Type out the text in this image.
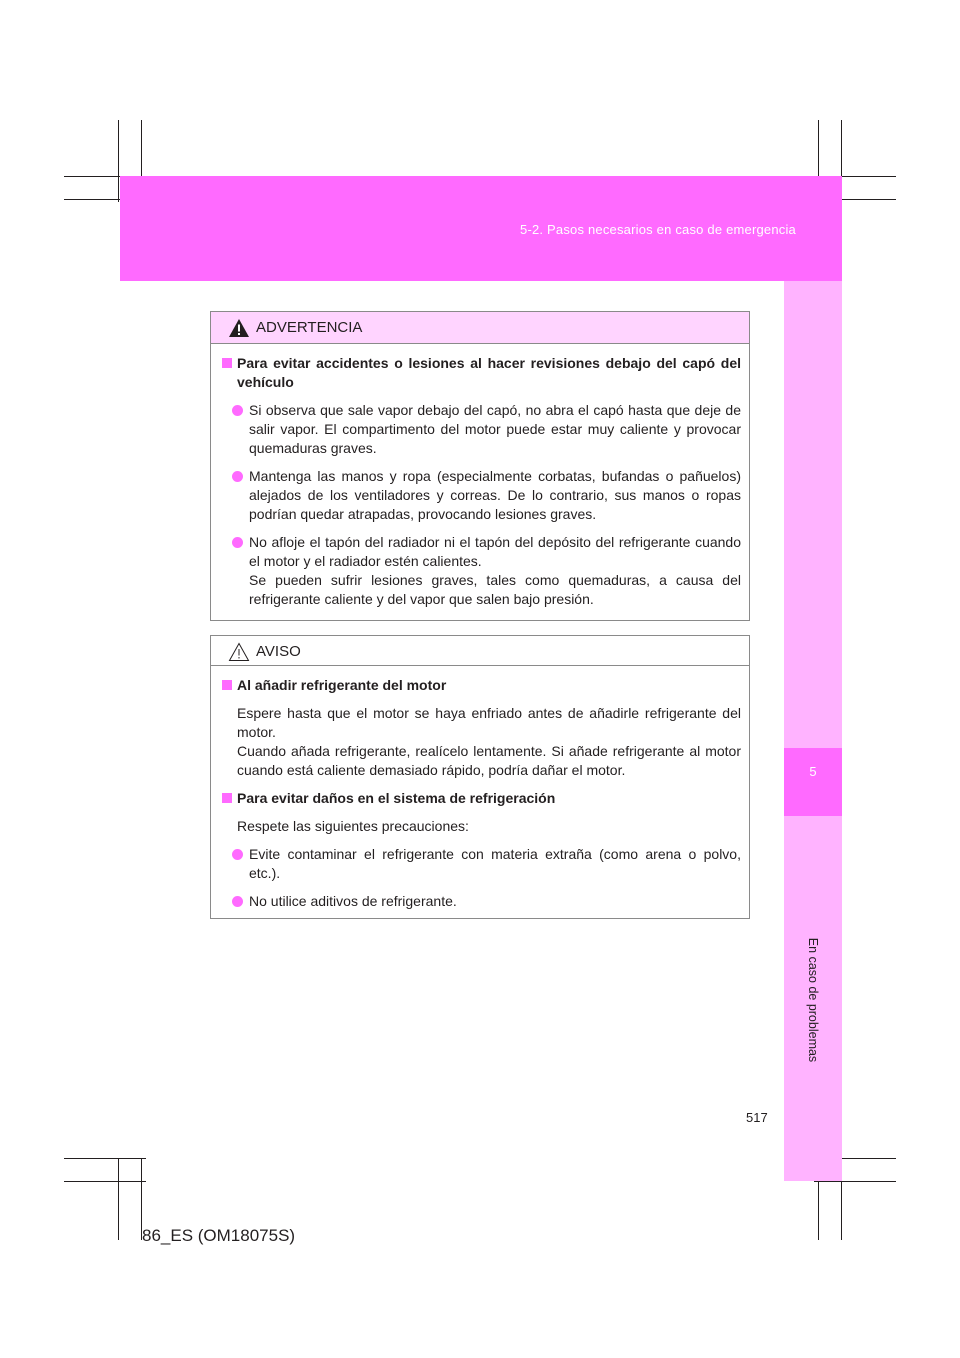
5-2. Pasos necesarios en caso de emergencia
5
En caso de problemas
ADVERTENCIA
Para evitar accidentes o lesiones al hacer revisiones debajo del capó del vehículo
Si observa que sale vapor debajo del capó, no abra el capó hasta que deje de salir vapor. El compartimento del motor puede estar muy caliente y provocar quemaduras graves.
Mantenga las manos y ropa (especialmente corbatas, bufandas o pañuelos) alejados de los ventiladores y correas. De lo contrario, sus manos o ropas podrían quedar atrapadas, provocando lesiones graves.
No afloje el tapón del radiador ni el tapón del depósito del refrigerante cuando el motor y el radiador estén calientes.
Se pueden sufrir lesiones graves, tales como quemaduras, a causa del refrigerante caliente y del vapor que salen bajo presión.
AVISO
Al añadir refrigerante del motor
Espere hasta que el motor se haya enfriado antes de añadirle refrigerante del motor.
Cuando añada refrigerante, realícelo lentamente. Si añade refrigerante al motor cuando está caliente demasiado rápido, podría dañar el motor.
Para evitar daños en el sistema de refrigeración
Respete las siguientes precauciones:
Evite contaminar el refrigerante con materia extraña (como arena o polvo, etc.).
No utilice aditivos de refrigerante.
517
86_ES (OM18075S)
